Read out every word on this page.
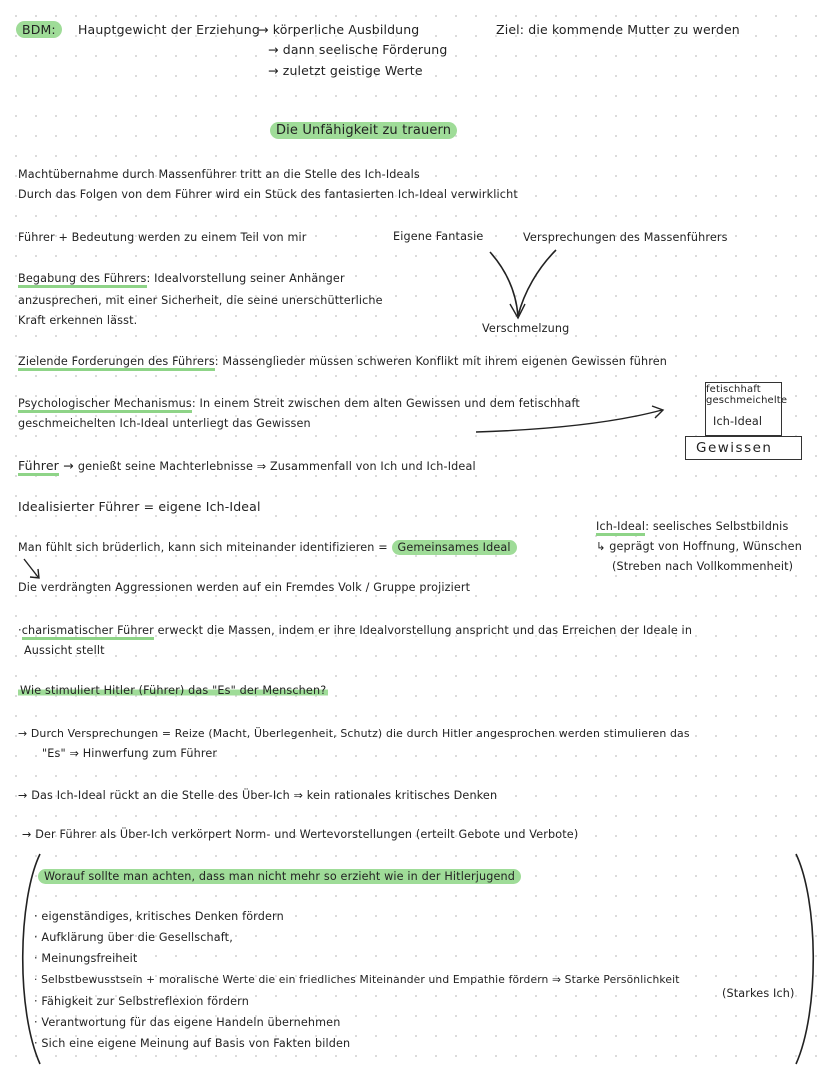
BDM:	Hauptgewicht der Erziehung
→ körperliche Ausbildung
→ dann seelische Förderung
→ zuletzt geistige Werte
Ziel: die kommende Mutter zu werden
Die Unfähigkeit zu trauern
Machtübernahme durch Massenführer tritt an die Stelle des Ich-Ideals
Durch das Folgen von dem Führer wird ein Stück des fantasierten Ich-Ideal verwirklicht
Führer + Bedeutung werden zu einem Teil von mir	Eigene Fantasie	Versprechungen des Massenführers
Verschmelzung
Begabung des Führers: Idealvorstellung seiner Anhänger
anzusprechen, mit einer Sicherheit, die seine unerschütterliche
Kraft erkennen lässt.
Zielende Forderungen des Führers: Massenglieder müssen schweren Konflikt mit ihrem eigenen Gewissen führen
Psychologischer Mechanismus: In einem Streit zwischen dem alten Gewissen und dem fetischhaft
geschmeichelten Ich-Ideal unterliegt das Gewissen
fetischhaft geschmeichelte
Ich-Ideal
Gewissen
Führer → genießt seine Machterlebnisse ⇒ Zusammenfall von Ich und Ich-Ideal
Idealisierter Führer = eigene Ich-Ideal
Ich-Ideal: seelisches Selbstbildnis
↳ geprägt von Hoffnung, Wünschen
(Streben nach Vollkommenheit)
Man fühlt sich brüderlich, kann sich miteinander identifizieren = Gemeinsames Ideal
Die verdrängten Aggressionen werden auf ein Fremdes Volk / Gruppe projiziert
·charismatischer Führer erweckt die Massen, indem er ihre Idealvorstellung anspricht und das Erreichen der Ideale in
Aussicht stellt
Wie stimuliert Hitler (Führer) das "Es" der Menschen?
→ Durch Versprechungen = Reize (Macht, Überlegenheit, Schutz) die durch Hitler angesprochen werden stimulieren das
"Es" ⇒ Hinwerfung zum Führer
→ Das Ich-Ideal rückt an die Stelle des Über-Ich ⇒ kein rationales kritisches Denken
→ Der Führer als Über-Ich verkörpert Norm- und Wertevorstellungen (erteilt Gebote und Verbote)
Worauf sollte man achten, dass man nicht mehr so erzieht wie in der Hitlerjugend
· eigenständiges, kritisches Denken fördern
· Aufklärung über die Gesellschaft,
· Meinungsfreiheit
· Selbstbewusstsein + moralische Werte die ein friedliches Miteinander und Empathie fördern ⇒ Starke Persönlichkeit
(Starkes Ich)
· Fähigkeit zur Selbstreflexion fördern
· Verantwortung für das eigene Handeln übernehmen
· Sich eine eigene Meinung auf Basis von Fakten bilden
